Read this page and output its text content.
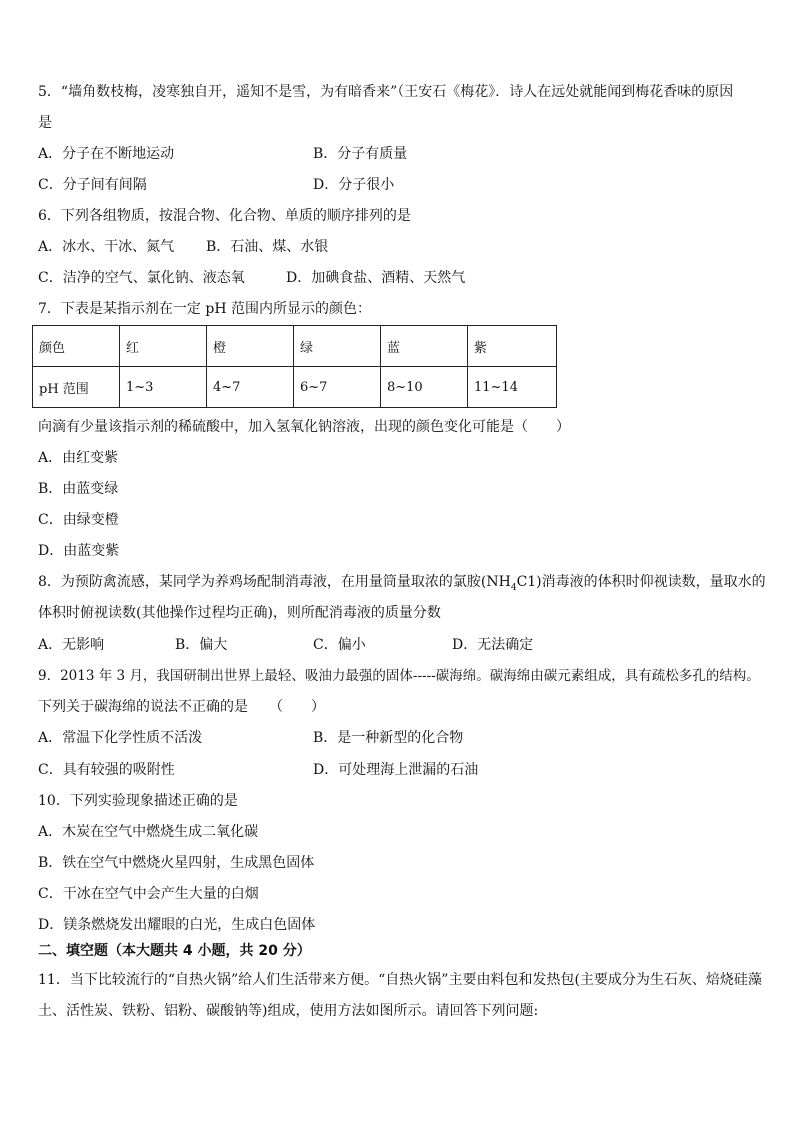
5．“墙角数枝梅，凌寒独自开，遥知不是雪，为有暗香来”（王安石《梅花》．诗人在远处就能闻到梅花香味的原因
是
A．分子在不断地运动	B．分子有质量
C．分子间有间隔	D．分子很小
6．下列各组物质，按混合物、化合物、单质的顺序排列的是
A．冰水、干冰、氮气 B．石油、煤、水银
C．洁净的空气、氯化钠、液态氧	D．加碘食盐、酒精、天然气
7．下表是某指示剂在一定 pH 范围内所显示的颜色：
颜色	红	橙	绿	蓝	紫
pH 范围	1~3	4~7	6~7	8~10	11~14
向滴有少量该指示剂的稀硫酸中，加入氢氧化钠溶液，出现的颜色变化可能是（　　）
A．由红变紫
B．由蓝变绿
C．由绿变橙
D．由蓝变紫
8．为预防禽流感，某同学为养鸡场配制消毒液，在用量筒量取浓的氯胺$(NH_4C1)$消毒液的体积时仰视读数，量取水的
体积时俯视读数(其他操作过程均正确)，则所配消毒液的质量分数
A．无影响	B．偏大	C．偏小	D．无法确定
9．2013 年 3 月，我国研制出世界上最轻、吸油力最强的固体-----碳海绵。碳海绵由碳元素组成，具有疏松多孔的结构。
下列关于碳海绵的说法不正确的是　　（　　）
A．常温下化学性质不活泼	B．是一种新型的化合物
C．具有较强的吸附性	D．可处理海上泄漏的石油
10．下列实验现象描述正确的是
A．木炭在空气中燃烧生成二氧化碳
B．铁在空气中燃烧火星四射，生成黑色固体
C．干冰在空气中会产生大量的白烟
D．镁条燃烧发出耀眼的白光，生成白色固体
二、填空题（本大题共 4 小题，共 20 分）
11．当下比较流行的“自热火锅”给人们生活带来方便。“自热火锅”主要由料包和发热包(主要成分为生石灰、焙烧硅藻
土、活性炭、铁粉、铝粉、碳酸钠等)组成，使用方法如图所示。请回答下列问题:
